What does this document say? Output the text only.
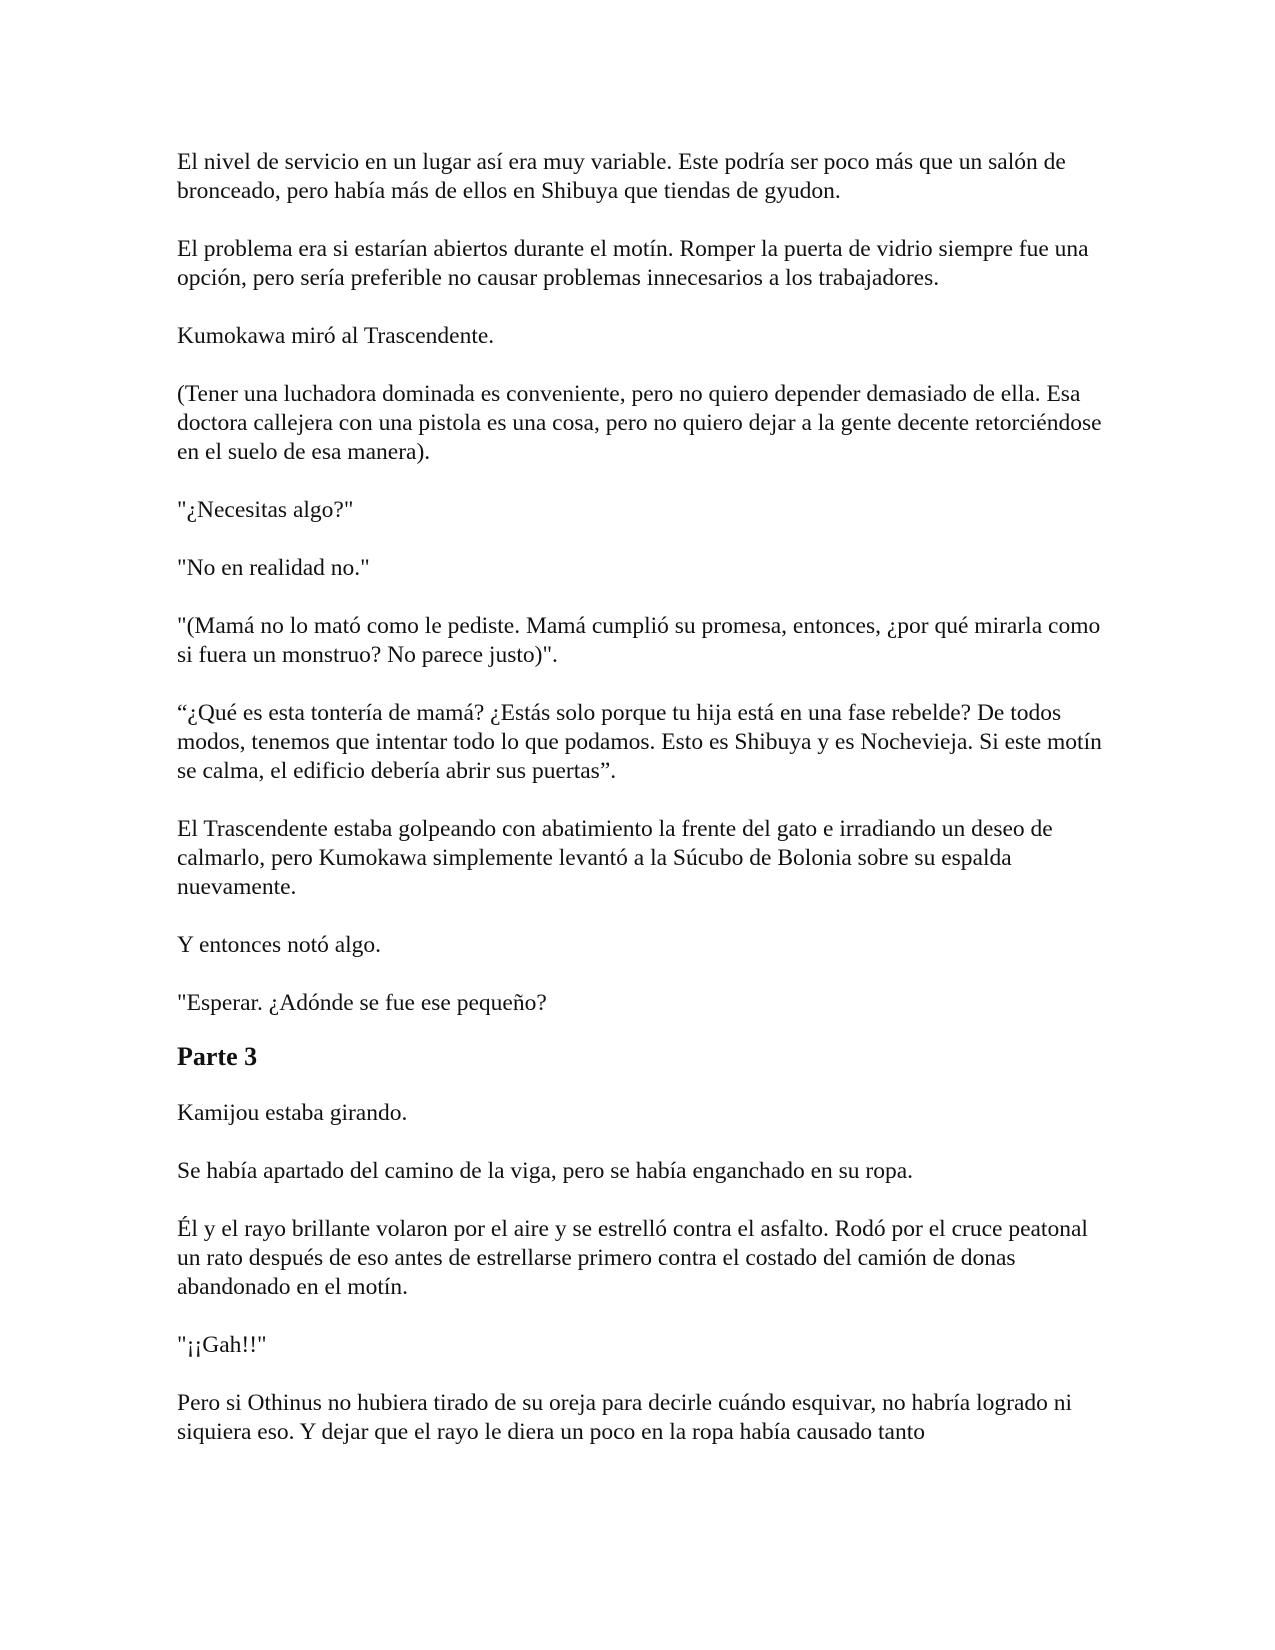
El nivel de servicio en un lugar así era muy variable. Este podría ser poco más que un salón de bronceado, pero había más de ellos en Shibuya que tiendas de gyudon.

El problema era si estarían abiertos durante el motín. Romper la puerta de vidrio siempre fue una opción, pero sería preferible no causar problemas innecesarios a los trabajadores.

Kumokawa miró al Trascendente.

(Tener una luchadora dominada es conveniente, pero no quiero depender demasiado de ella. Esa doctora callejera con una pistola es una cosa, pero no quiero dejar a la gente decente retorciéndose en el suelo de esa manera).

"¿Necesitas algo?"

"No en realidad no."

"(Mamá no lo mató como le pediste. Mamá cumplió su promesa, entonces, ¿por qué mirarla como si fuera un monstruo? No parece justo)".

“¿Qué es esta tontería de mamá? ¿Estás solo porque tu hija está en una fase rebelde? De todos modos, tenemos que intentar todo lo que podamos. Esto es Shibuya y es Nochevieja. Si este motín se calma, el edificio debería abrir sus puertas”.

El Trascendente estaba golpeando con abatimiento la frente del gato e irradiando un deseo de calmarlo, pero Kumokawa simplemente levantó a la Súcubo de Bolonia sobre su espalda nuevamente.

Y entonces notó algo.

"Esperar. ¿Adónde se fue ese pequeño?

Parte 3

Kamijou estaba girando.

Se había apartado del camino de la viga, pero se había enganchado en su ropa.

Él y el rayo brillante volaron por el aire y se estrelló contra el asfalto. Rodó por el cruce peatonal un rato después de eso antes de estrellarse primero contra el costado del camión de donas abandonado en el motín.

"¡¡Gah!!"

Pero si Othinus no hubiera tirado de su oreja para decirle cuándo esquivar, no habría logrado ni siquiera eso. Y dejar que el rayo le diera un poco en la ropa había causado tanto
